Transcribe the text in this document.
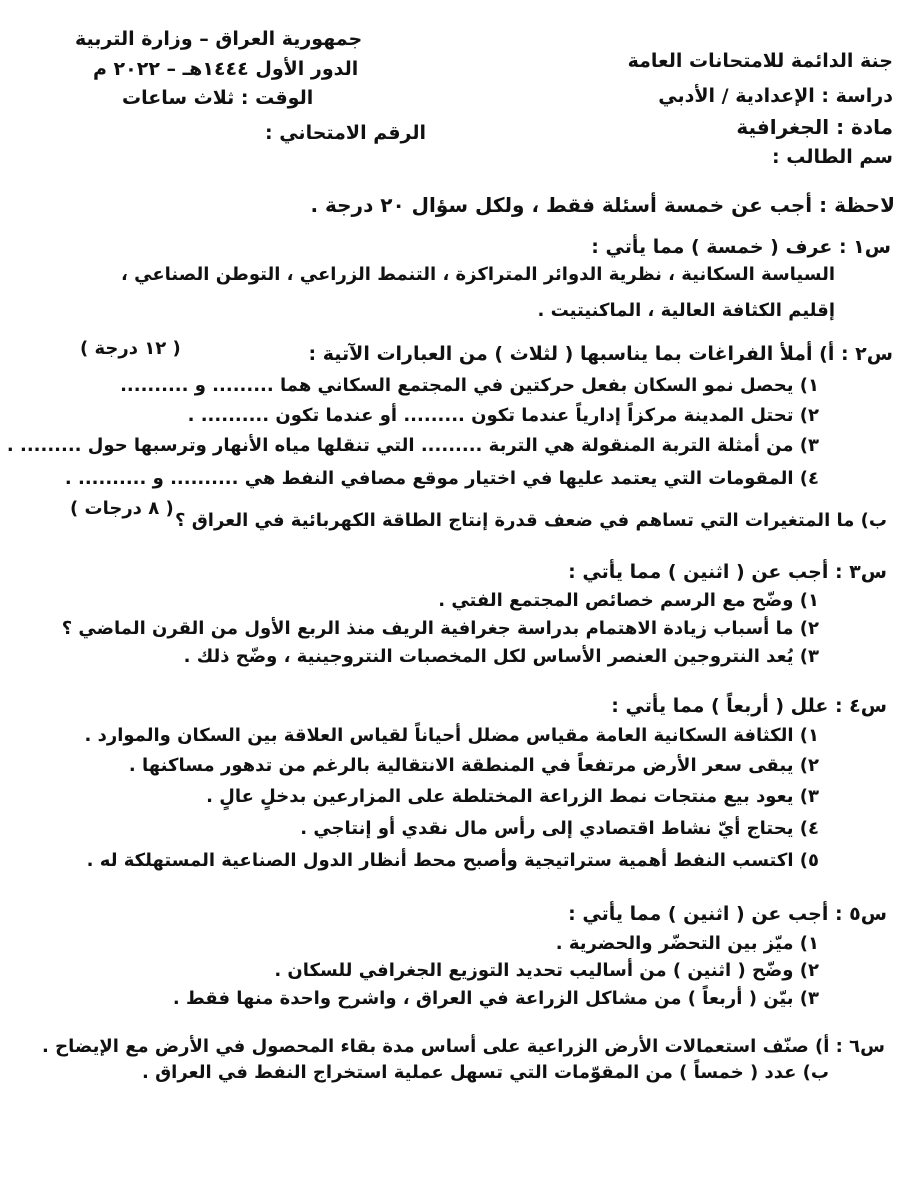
جمهورية العراق – وزارة التربية
الدور الأول ١٤٤٤هـ – ٢٠٢٢ م
الوقت : ثلاث ساعات
الرقم الامتحاني :
جنة الدائمة للامتحانات العامة
دراسة : الإعدادية / الأدبي
مادة : الجغرافية
سم الطالب :
لاحظة : أجب عن خمسة أسئلة فقط ، ولكل سؤال ٢٠ درجة .
س١ : عرف ( خمسة ) مما يأتي :
السياسة السكانية ، نظرية الدوائر المتراكزة ، التنمط الزراعي ، التوطن الصناعي ،
إقليم الكثافة العالية ، الماكنيتيت .
( ١٢ درجة )	س٢ : أ) أملأ الفراغات بما يناسبها ( لثلاث ) من العبارات الآتية :
١) يحصل نمو السكان بفعل حركتين في المجتمع السكاني هما ......... و ..........
٢) تحتل المدينة مركزاً إدارياً عندما تكون ......... أو عندما تكون .......... .
٣) من أمثلة التربة المنقولة هي التربة ......... التي تنقلها مياه الأنهار وترسبها حول ......... .
٤) المقومات التي يعتمد عليها في اختيار موقع مصافي النفط هي .......... و .......... .
( ٨ درجات )
ب) ما المتغيرات التي تساهم في ضعف قدرة إنتاج الطاقة الكهربائية في العراق ؟
س٣ : أجب عن ( اثنين ) مما يأتي :
١) وضّح مع الرسم خصائص المجتمع الفتي .
٢) ما أسباب زيادة الاهتمام بدراسة جغرافية الريف منذ الربع الأول من القرن الماضي ؟
٣) يُعد النتروجين العنصر الأساس لكل المخصبات النتروجينية ، وضّح ذلك .
س٤ : علل ( أربعاً ) مما يأتي :
١) الكثافة السكانية العامة مقياس مضلل أحياناً لقياس العلاقة بين السكان والموارد .
٢) يبقى سعر الأرض مرتفعاً في المنطقة الانتقالية بالرغم من تدهور مساكنها .
٣) يعود بيع منتجات نمط الزراعة المختلطة على المزارعين بدخلٍ عالٍ .
٤) يحتاج أيّ نشاط اقتصادي إلى رأس مال نقدي أو إنتاجي .
٥) اكتسب النفط أهمية ستراتيجية وأصبح محط أنظار الدول الصناعية المستهلكة له .
س٥ : أجب عن ( اثنين ) مما يأتي :
١) ميّز بين التحضّر والحضرية .
٢) وضّح ( اثنين ) من أساليب تحديد التوزيع الجغرافي للسكان .
٣) بيّن ( أربعاً ) من مشاكل الزراعة في العراق ، واشرح واحدة منها فقط .
س٦ : أ) صنّف استعمالات الأرض الزراعية على أساس مدة بقاء المحصول في الأرض مع الإيضاح .
ب) عدد ( خمساً ) من المقوّمات التي تسهل عملية استخراج النفط في العراق .
